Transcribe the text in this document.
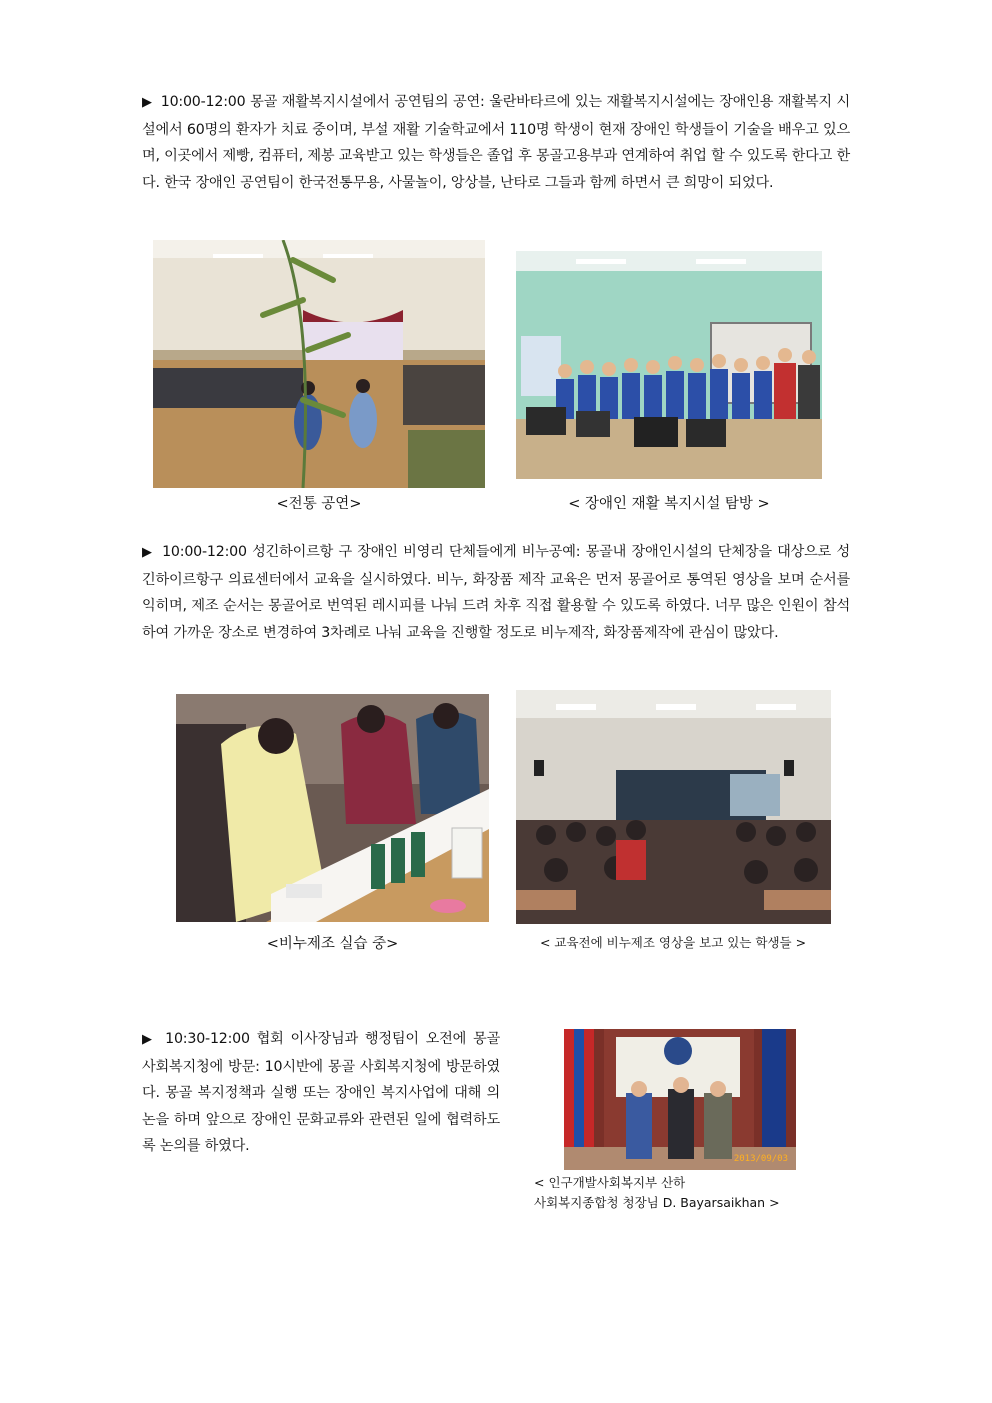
▶ 10:00-12:00 몽골 재활복지시설에서 공연팀의 공연: 울란바타르에 있는 재활복지시설에는 장애인용 재활복지 시설에서 60명의 환자가 치료 중이며, 부설 재활 기술학교에서 110명 학생이 현재 장애인 학생들이 기술을 배우고 있으며, 이곳에서 제빵, 컴퓨터, 제봉 교육받고 있는 학생들은 졸업 후 몽골고용부과 연계하여 취업 할 수 있도록 한다고 한다. 한국 장애인 공연팀이 한국전통무용, 사물놀이, 앙상블, 난타로 그들과 함께 하면서 큰 희망이 되었다.
<전통 공연>	< 장애인 재활 복지시설 탐방 >
▶ 10:00-12:00 성긴하이르항 구 장애인 비영리 단체들에게 비누공예: 몽골내 장애인시설의 단체장을 대상으로 성긴하이르항구 의료센터에서 교육을 실시하였다. 비누, 화장품 제작 교육은 먼저 몽골어로 통역된 영상을 보며 순서를 익히며, 제조 순서는 몽골어로 번역된 레시피를 나눠 드려 차후 직접 활용할 수 있도록 하였다. 너무 많은 인원이 참석하여 가까운 장소로 변경하여 3차례로 나눠 교육을 진행할 정도로 비누제작, 화장품제작에 관심이 많았다.
<비누제조 실습 중>	< 교육전에 비누제조 영상을 보고 있는 학생들 >
▶ 10:30-12:00 협회 이사장님과 행정팀이 오전에 몽골 사회복지청에 방문: 10시반에 몽골 사회복지청에 방문하였다. 몽골 복지정책과 실행 또는 장애인 복지사업에 대해 의논을 하며 앞으로 장애인 문화교류와 관련된 일에 협력하도록 논의를 하였다.
2013/09/03
< 인구개발사회복지부 산하
사회복지종합청 청장님 D. Bayarsaikhan >
